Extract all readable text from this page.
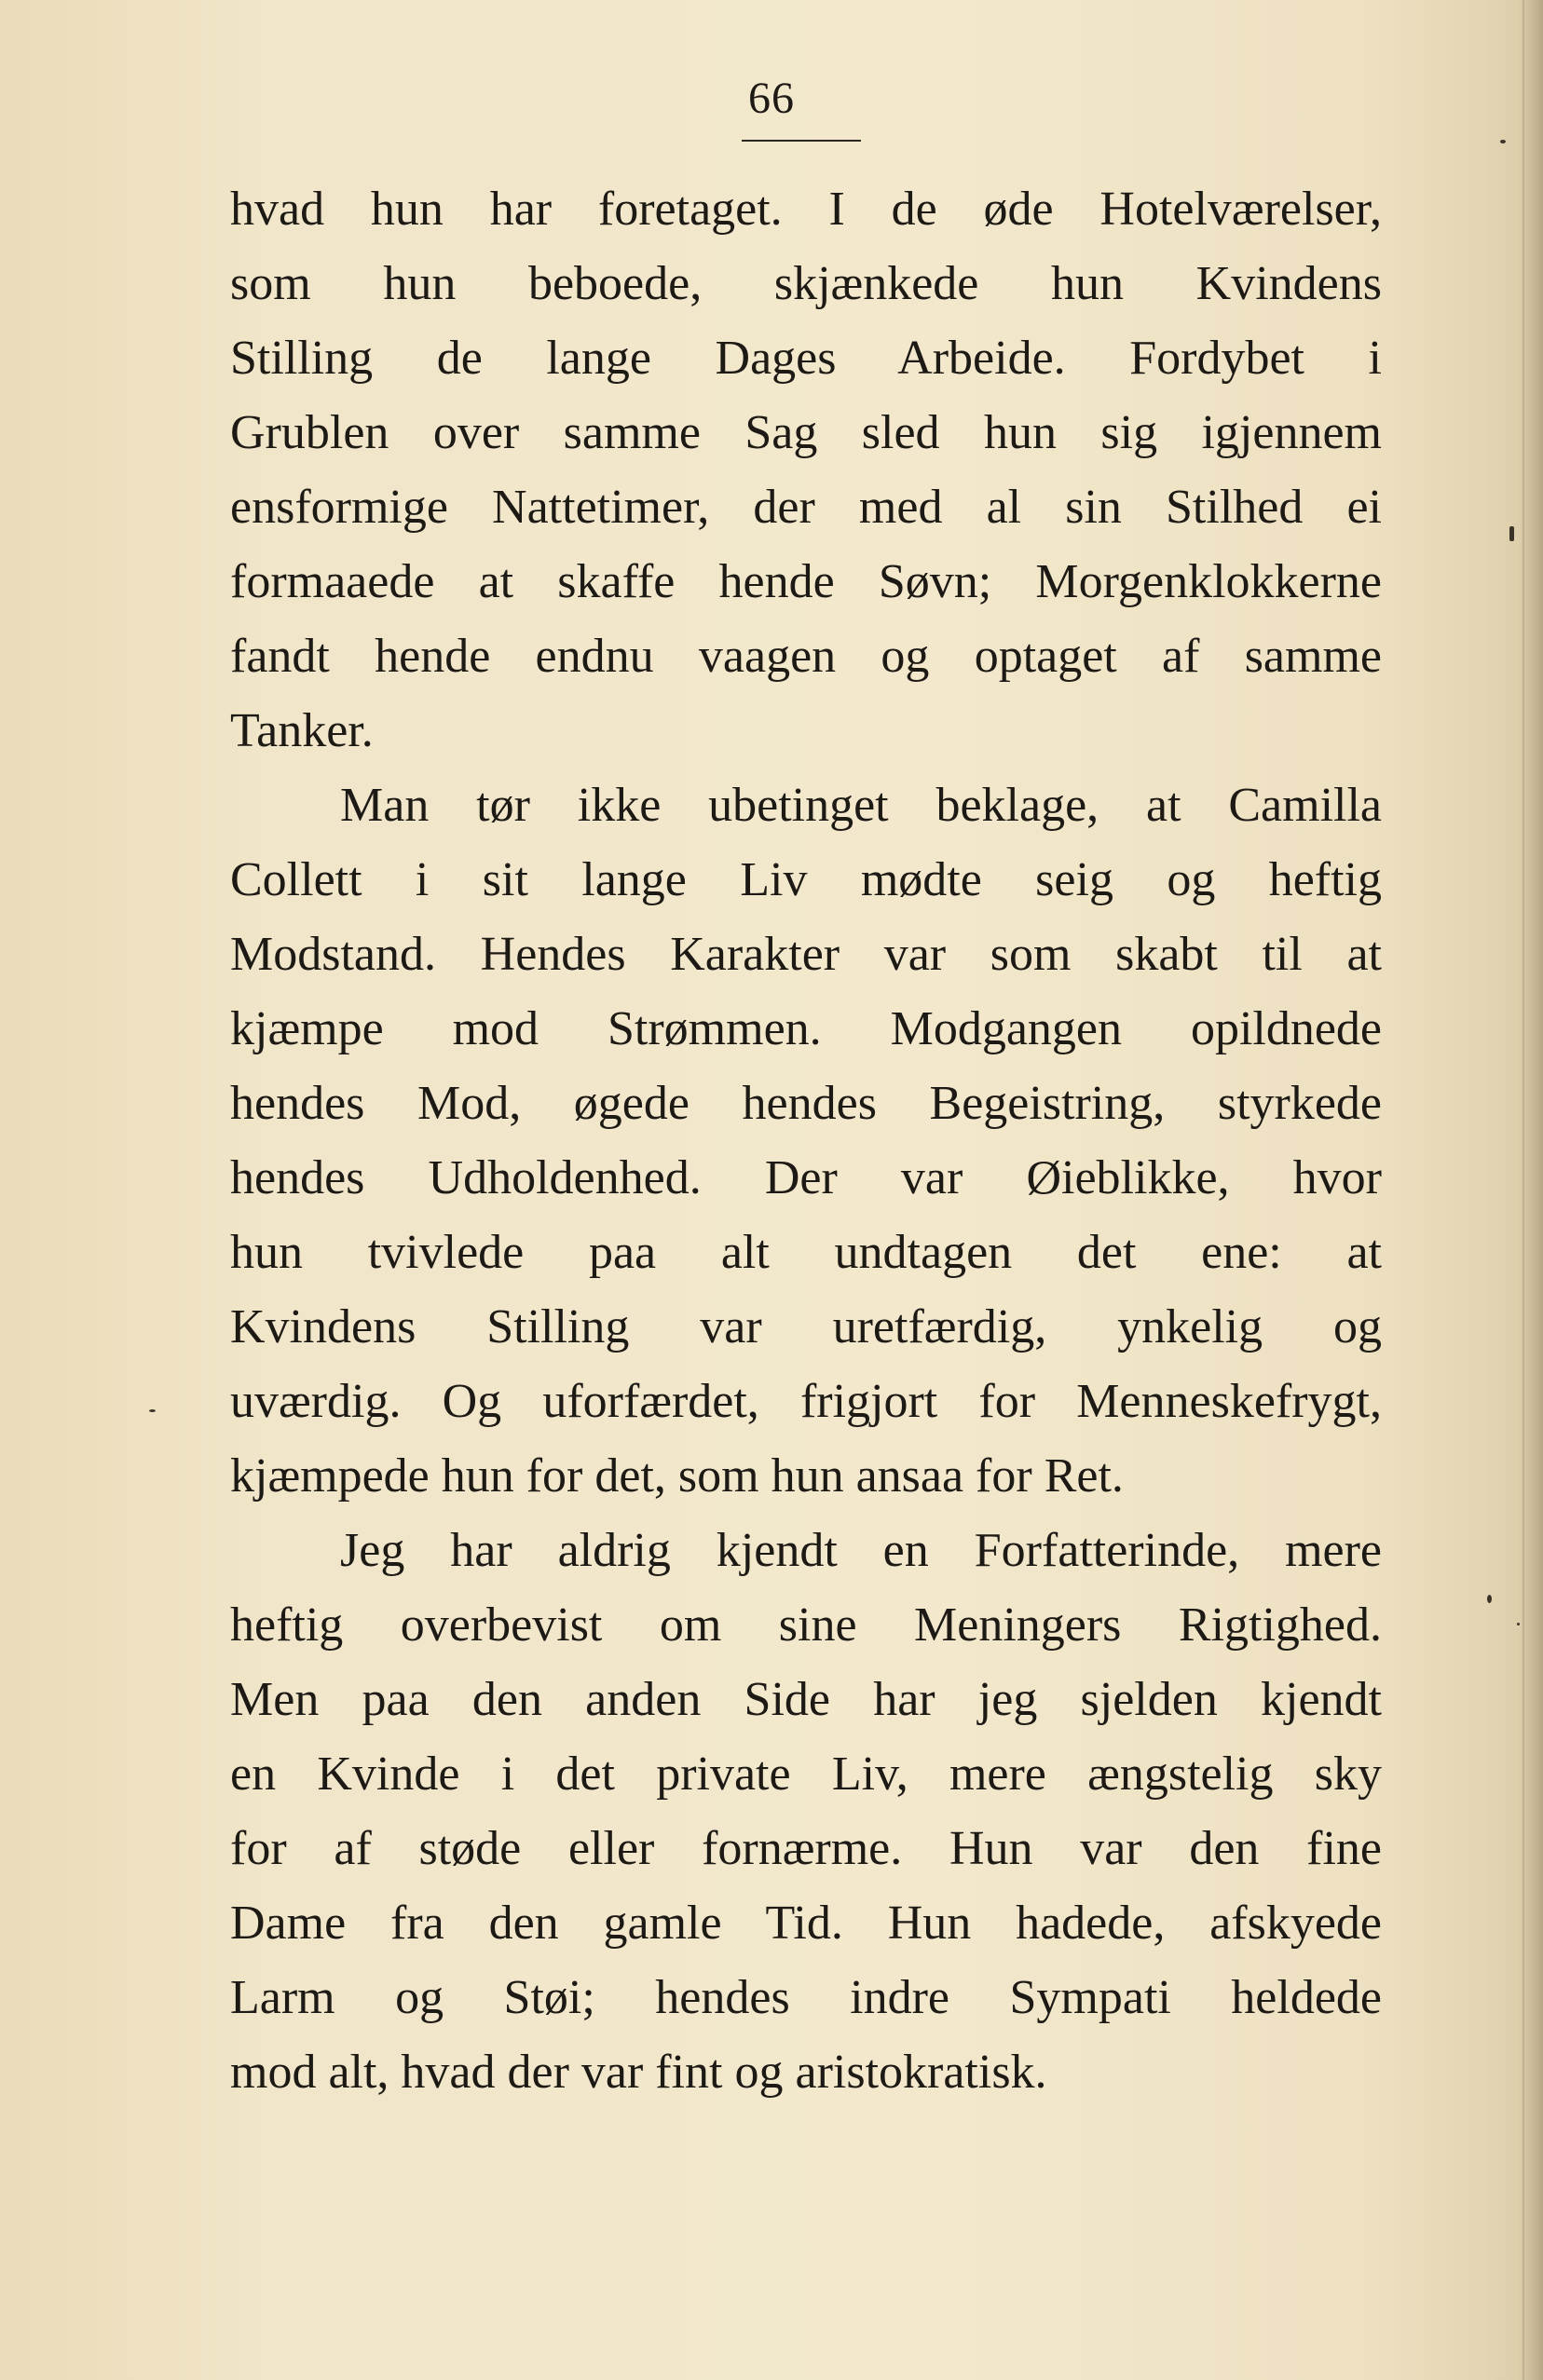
66
hvad hun har foretaget. I de øde Hotelværelser,
som hun beboede, skjænkede hun Kvindens
Stilling de lange Dages Arbeide. Fordybet i
Grublen over samme Sag sled hun sig igjennem
ensformige Nattetimer, der med al sin Stilhed ei
formaaede at skaffe hende Søvn; Morgenklokkerne
fandt hende endnu vaagen og optaget af samme
Tanker.
Man tør ikke ubetinget beklage, at Camilla
Collett i sit lange Liv mødte seig og heftig
Modstand. Hendes Karakter var som skabt til at
kjæmpe mod Strømmen. Modgangen opildnede
hendes Mod, øgede hendes Begeistring, styrkede
hendes Udholdenhed. Der var Øieblikke, hvor
hun tvivlede paa alt undtagen det ene: at
Kvindens Stilling var uretfærdig, ynkelig og
uværdig. Og uforfærdet, frigjort for Menneskefrygt,
kjæmpede hun for det, som hun ansaa for Ret.
Jeg har aldrig kjendt en Forfatterinde, mere
heftig overbevist om sine Meningers Rigtighed.
Men paa den anden Side har jeg sjelden kjendt
en Kvinde i det private Liv, mere ængstelig sky
for af støde eller fornærme. Hun var den fine
Dame fra den gamle Tid. Hun hadede, afskyede
Larm og Støi; hendes indre Sympati heldede
mod alt, hvad der var fint og aristokratisk.
